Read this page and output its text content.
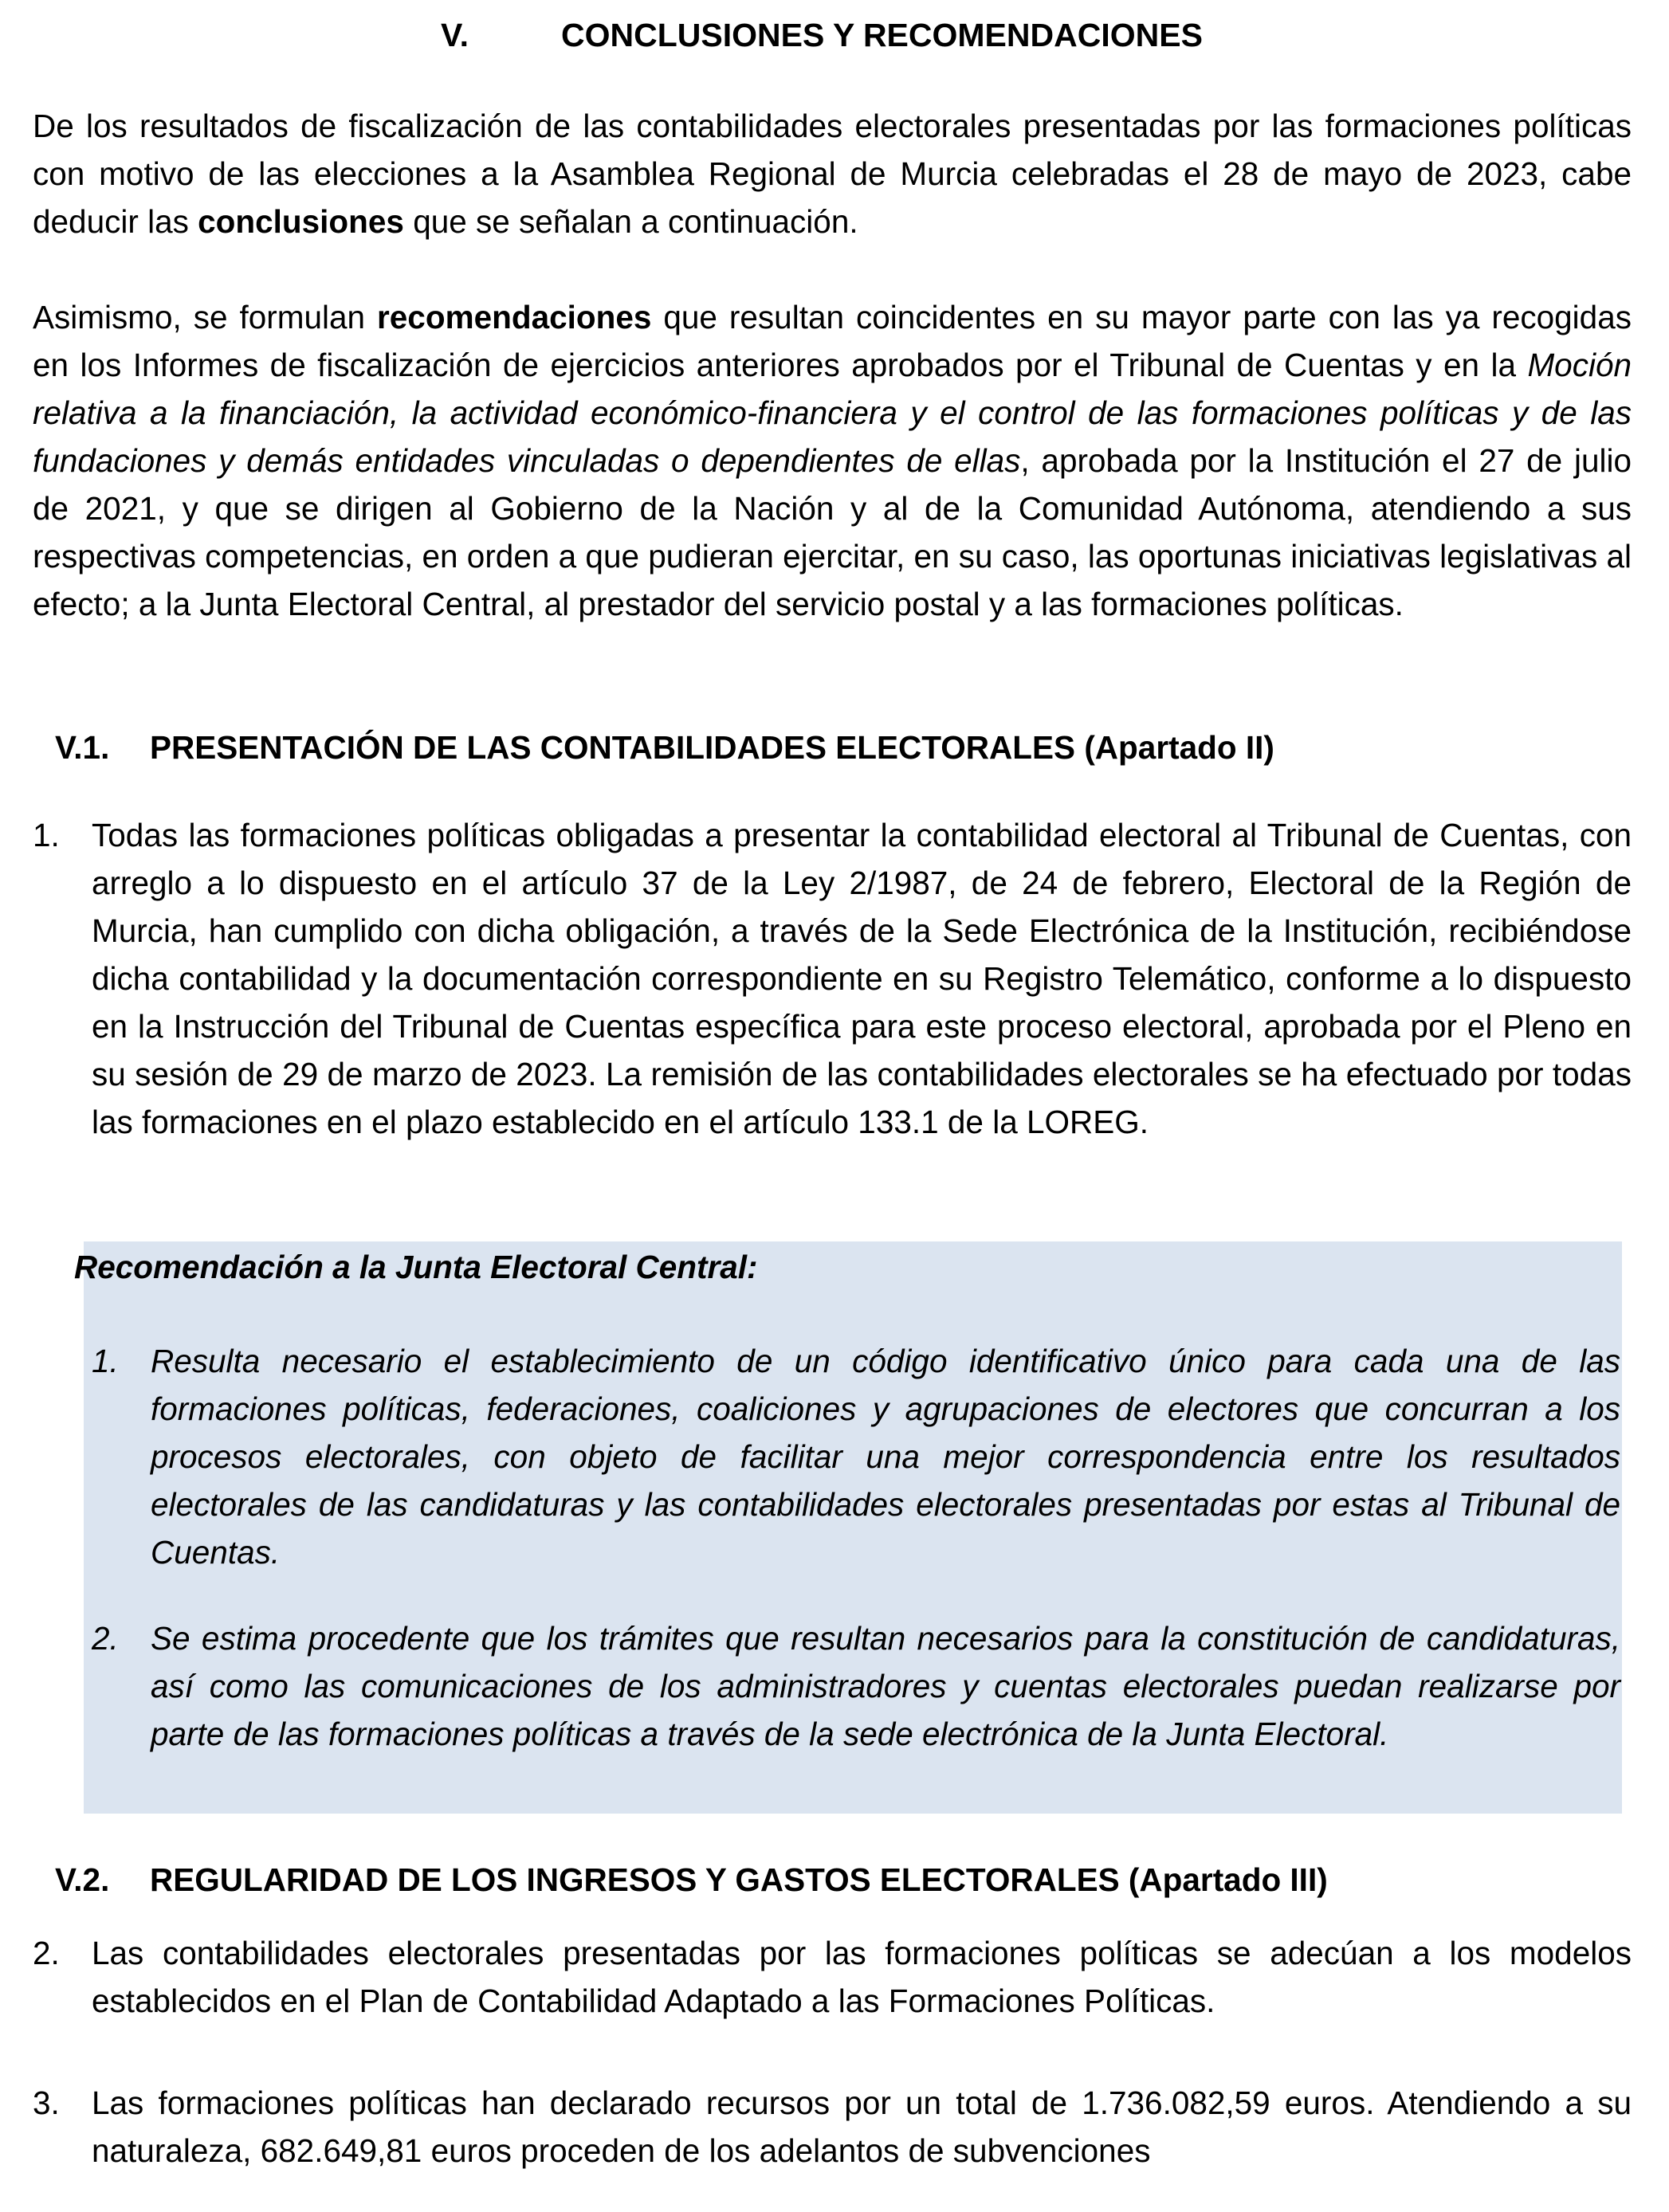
V.	CONCLUSIONES Y RECOMENDACIONES

De los resultados de fiscalización de las contabilidades electorales presentadas por las formaciones políticas con motivo de las elecciones a la Asamblea Regional de Murcia celebradas el 28 de mayo de 2023, cabe deducir las conclusiones que se señalan a continuación.

Asimismo, se formulan recomendaciones que resultan coincidentes en su mayor parte con las ya recogidas en los Informes de fiscalización de ejercicios anteriores aprobados por el Tribunal de Cuentas y en la Moción relativa a la financiación, la actividad económico-financiera y el control de las formaciones políticas y de las fundaciones y demás entidades vinculadas o dependientes de ellas, aprobada por la Institución el 27 de julio de 2021, y que se dirigen al Gobierno de la Nación y al de la Comunidad Autónoma, atendiendo a sus respectivas competencias, en orden a que pudieran ejercitar, en su caso, las oportunas iniciativas legislativas al efecto; a la Junta Electoral Central, al prestador del servicio postal y a las formaciones políticas.

V.1. PRESENTACIÓN DE LAS CONTABILIDADES ELECTORALES (Apartado II)
1. Todas las formaciones políticas obligadas a presentar la contabilidad electoral al Tribunal de Cuentas, con arreglo a lo dispuesto en el artículo 37 de la Ley 2/1987, de 24 de febrero, Electoral de la Región de Murcia, han cumplido con dicha obligación, a través de la Sede Electrónica de la Institución, recibiéndose dicha contabilidad y la documentación correspondiente en su Registro Telemático, conforme a lo dispuesto en la Instrucción del Tribunal de Cuentas específica para este proceso electoral, aprobada por el Pleno en su sesión de 29 de marzo de 2023. La remisión de las contabilidades electorales se ha efectuado por todas las formaciones en el plazo establecido en el artículo 133.1 de la LOREG.

Recomendación a la Junta Electoral Central:
1. Resulta necesario el establecimiento de un código identificativo único para cada una de las formaciones políticas, federaciones, coaliciones y agrupaciones de electores que concurran a los procesos electorales, con objeto de facilitar una mejor correspondencia entre los resultados electorales de las candidaturas y las contabilidades electorales presentadas por estas al Tribunal de Cuentas.

2. Se estima procedente que los trámites que resultan necesarios para la constitución de candidaturas, así como las comunicaciones de los administradores y cuentas electorales puedan realizarse por parte de las formaciones políticas a través de la sede electrónica de la Junta Electoral.

V.2. REGULARIDAD DE LOS INGRESOS Y GASTOS ELECTORALES (Apartado III)
2. Las contabilidades electorales presentadas por las formaciones políticas se adecúan a los modelos establecidos en el Plan de Contabilidad Adaptado a las Formaciones Políticas.

3. Las formaciones políticas han declarado recursos por un total de 1.736.082,59 euros. Atendiendo a su naturaleza, 682.649,81 euros proceden de los adelantos de subvenciones
